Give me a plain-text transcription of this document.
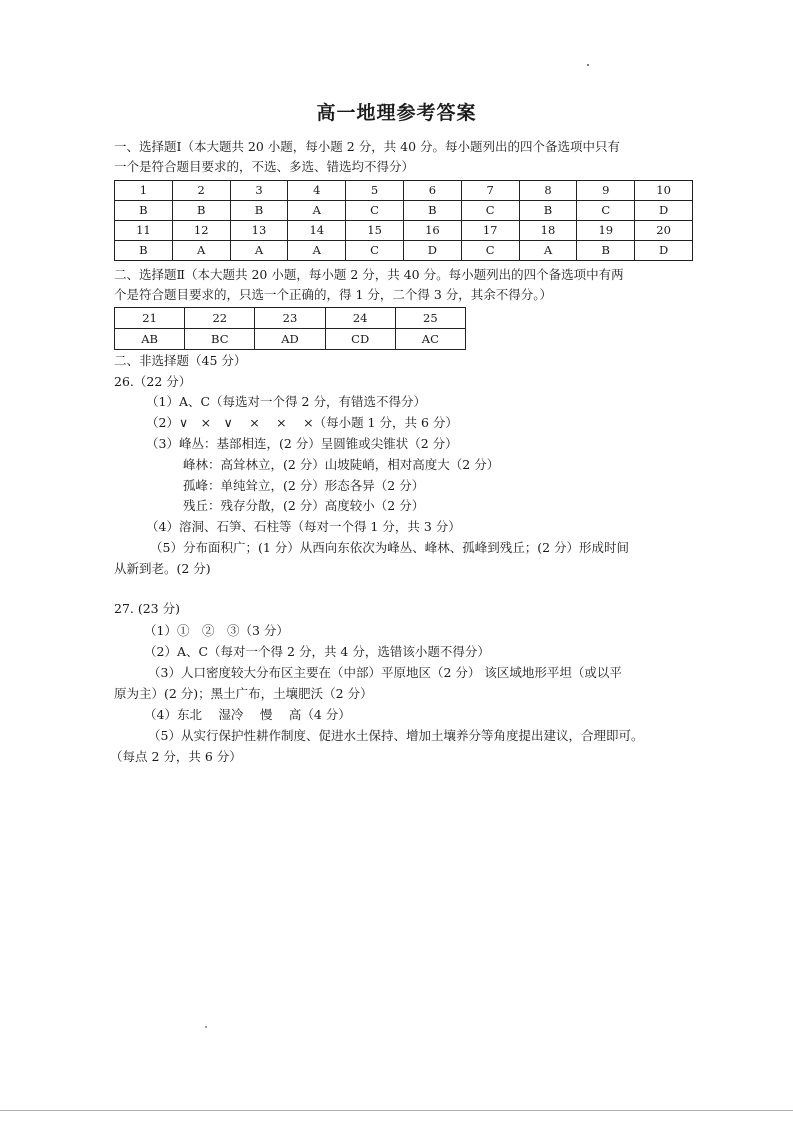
高一地理参考答案
一、选择题Ⅰ（本大题共 20 小题，每小题 2 分，共 40 分。每小题列出的四个备选项中只有
一个是符合题目要求的，不选、多选、错选均不得分）
1	2	3	4	5	6	7	8	9	10
B	B	B	A	C	B	C	B	C	D
11	12	13	14	15	16	17	18	19	20
B	A	A	A	C	D	C	A	B	D
二、选择题Ⅱ（本大题共 20 小题，每小题 2 分，共 40 分。每小题列出的四个备选项中有两
个是符合题目要求的，只选一个正确的，得 1 分，二个得 3 分，其余不得分。）
21	22	23	24	25
AB	BC	AD	CD	AC
二、非选择题（45 分）
26.（22 分）
（1）A、C（每选对一个得 2 分，有错选不得分）
（2）∨　×　∨　 ×　 ×　 ×（每小题 1 分，共 6 分）
（3）峰丛：基部相连，(2 分）呈圆锥或尖锥状（2 分）
峰林：高耸林立，(2 分）山坡陡峭，相对高度大（2 分）
孤峰：单纯耸立，(2 分）形态各异（2 分）
残丘：残存分散，(2 分）高度较小（2 分）
（4）溶洞、石笋、石柱等（每对一个得 1 分，共 3 分）
（5）分布面积广；(1 分）从西向东依次为峰丛、峰林、孤峰到残丘；(2 分）形成时间
从新到老。(2 分)
27. (23 分)
（1）①　②　③（3 分）
（2）A、C（每对一个得 2 分，共 4 分，选错该小题不得分）
（3）人口密度较大分布区主要在（中部）平原地区（2 分） 该区域地形平坦（或以平
原为主）(2 分)；黑土广布，土壤肥沃（2 分）
（4）东北　 湿冷　 慢　 高（4 分）
（5）从实行保护性耕作制度、促进水土保持、增加土壤养分等角度提出建议，合理即可。
（每点 2 分，共 6 分）
